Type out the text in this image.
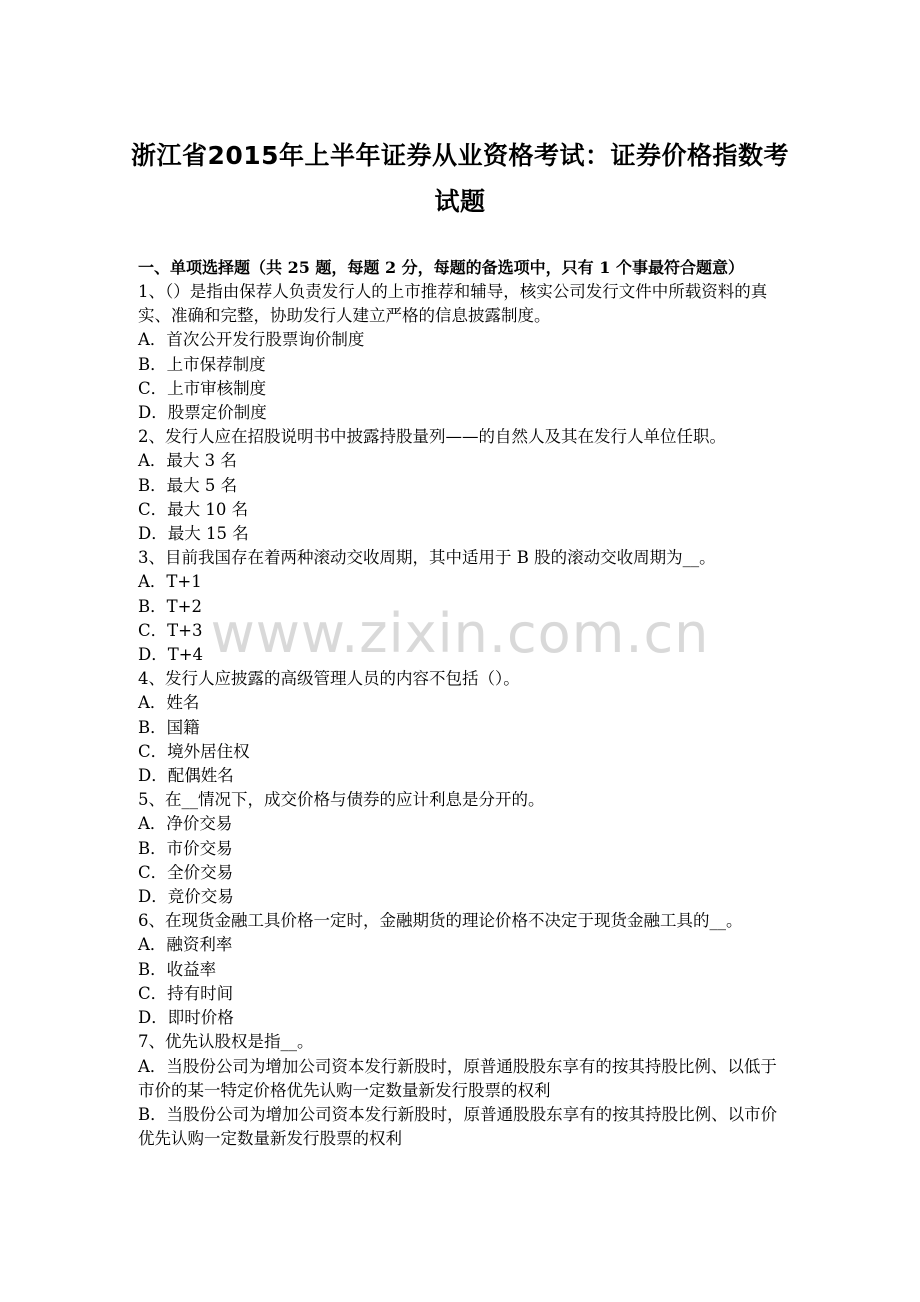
浙江省2015年上半年证券从业资格考试：证券价格指数考
试题

一、单项选择题（共 25 题，每题 2 分，每题的备选项中，只有 1 个事最符合题意）

1、（）是指由保荐人负责发行人的上市推荐和辅导，核实公司发行文件中所载资料的真实、准确和完整，协助发行人建立严格的信息披露制度。

A．首次公开发行股票询价制度

B．上市保荐制度

C．上市审核制度

D．股票定价制度

2、发行人应在招股说明书中披露持股量列——的自然人及其在发行人单位任职。

A．最大 3 名

B．最大 5 名

C．最大 10 名

D．最大 15 名

3、目前我国存在着两种滚动交收周期，其中适用于 B 股的滚动交收周期为__。

A．T+1

B．T+2

C．T+3

D．T+4

4、发行人应披露的高级管理人员的内容不包括（）。

A．姓名

B．国籍

C．境外居住权

D．配偶姓名

5、在__情况下，成交价格与债券的应计利息是分开的。

A．净价交易

B．市价交易

C．全价交易

D．竞价交易

6、在现货金融工具价格一定时，金融期货的理论价格不决定于现货金融工具的__。

A．融资利率

B．收益率

C．持有时间

D．即时价格

7、优先认股权是指__。

A．当股份公司为增加公司资本发行新股时，原普通股股东享有的按其持股比例、以低于市价的某一特定价格优先认购一定数量新发行股票的权利

B．当股份公司为增加公司资本发行新股时，原普通股股东享有的按其持股比例、以市价优先认购一定数量新发行股票的权利

www.zixin.com.cn
